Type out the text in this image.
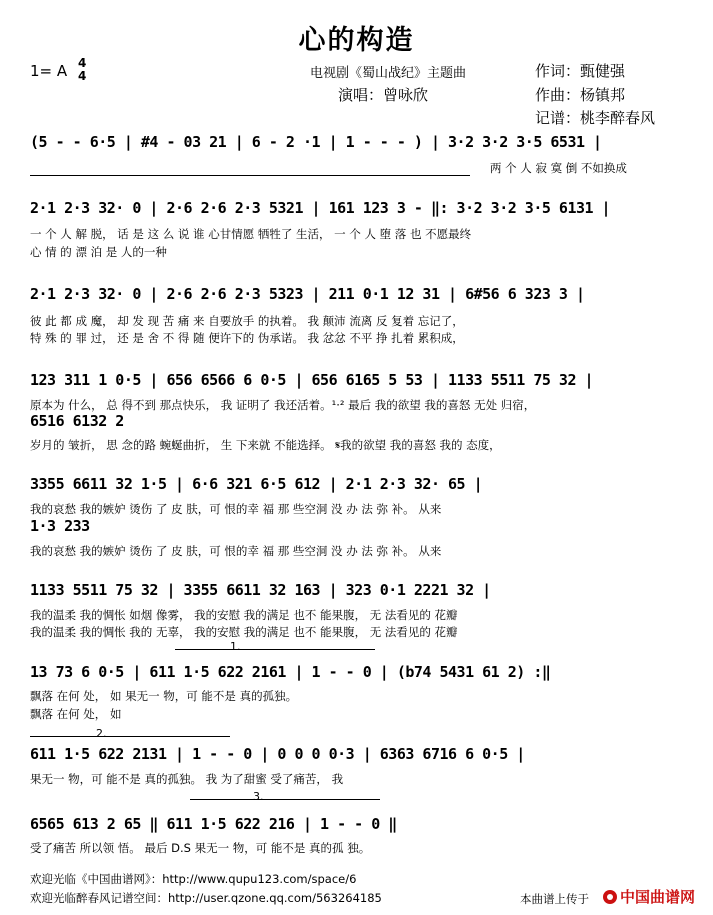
心的构造
1= A 4
4	电视剧《蜀山战纪》主题曲
演唱：曾咏欣
作词：甄健强
作曲：杨镇邦
记谱：桃李醉春风
(5 - - 6·5 | #4 - 03 21 | 6 - 2 ·1 | 1 - - - ) | 3·2 3·2 3·5 6531 |
两 个 人 寂 寞 倒 不如换成
2·1 2·3 32· 0 | 2·6 2·6 2·3 5321 | 161 123 3 - ‖: 3·2 3·2 3·5 6131 |
一 个 人 解 脱， 话 是 这 么 说 谁 心甘情愿 牺牲了 生活， 一 个 人 堕 落 也 不愿最终
心 情 的 漂 泊 是 人的一种
2·1 2·3 32· 0 | 2·6 2·6 2·3 5323 | 211 0·1 12 31 | 6#56 6 323 3 |
彼 此 都 成 魔， 却 发 现 苦 痛 来 自要放手 的执着。 我 颠沛 流离 反 复着 忘记了，
特 殊 的 罪 过， 还 是 舍 不 得 随 便许下的 伪承诺。 我 忿忿 不平 挣 扎着 累积成，
123 311 1 0·5 | 656 6566 6 0·5 | 656 6165 5 53 | 1133 5511 75 32 |
原本为 什么， 总 得不到 那点快乐， 我 证明了 我还活着。¹·² 最后 我的欲望 我的喜怒 无处 归宿，
6516 6132 2
岁月的 皱折， 思 念的路 蜿蜒曲折， 生 下来就 不能选择。 𝄋我的欲望 我的喜怒 我的 态度，
3355 6611 32 1·5 | 6·6 321 6·5 612 | 2·1 2·3 32· 65 |
我的哀愁 我的嫉妒 烫伤 了 皮 肤，可 恨的幸 福 那 些空洞 没 办 法 弥 补。 从来
1·3 233
我的哀愁 我的嫉妒 烫伤 了 皮 肤，可 恨的幸 福 那 些空洞 没 办 法 弥 补。 从来
1133 5511 75 32 | 3355 6611 32 163 | 323 0·1 2221 32 |
我的温柔 我的惆怅 如烟 像雾， 我的安慰 我的满足 也不 能果腹， 无 法看见的 花瓣
我的温柔 我的惆怅 我的 无辜， 我的安慰 我的满足 也不 能果腹， 无 法看见的 花瓣
1.
13 73 6 0·5 | 611 1·5 622 2161 | 1 - - 0 | (b74 5431 61 2) :‖
飘落 在何 处， 如 果无一 物，可 能不是 真的孤独。
飘落 在何 处， 如
2.
611 1·5 622 2131 | 1 - - 0 | 0 0 0 0·3 | 6363 6716 6 0·5 |
果无一 物，可 能不是 真的孤独。 我 为了甜蜜 受了痛苦， 我
3.
6565 613 2 65 ‖ 611 1·5 622 216 | 1 - - 0 ‖
受了痛苦 所以领 悟。 最后 D.S 果无一 物，可 能不是 真的孤 独。
欢迎光临《中国曲谱网》：http://www.qupu123.com/space/6
欢迎光临醉春风记谱空间：http://user.qzone.qq.com/563264185	本曲谱上传于	中国曲谱网
